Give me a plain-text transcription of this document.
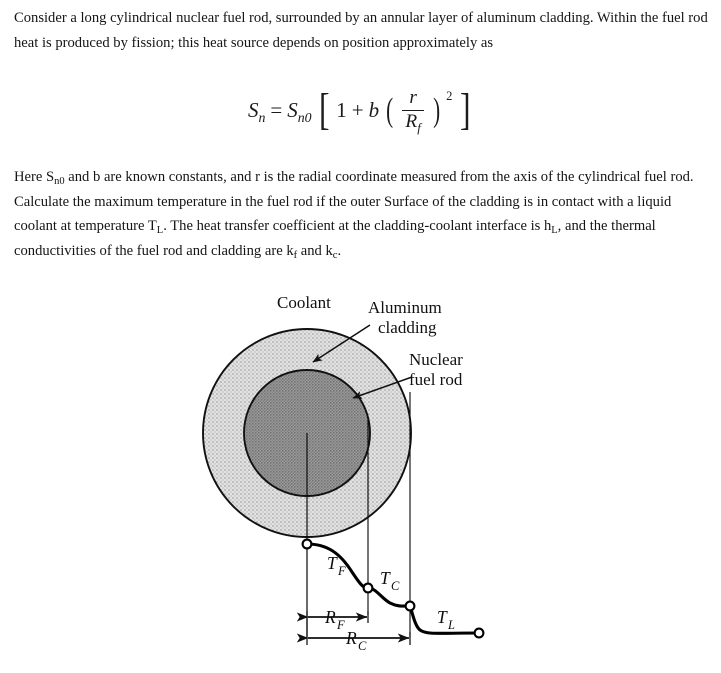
Consider a long cylindrical nuclear fuel rod, surrounded by an annular layer of aluminum cladding. Within the fuel rod heat is produced by fission; this heat source depends on position approximately as

$S_n = S_{n0}$ [ 1 + b ( $\frac{r}{R_f}$ ) 2 ]

Here $S_{n0}$ and b are known constants, and r is the radial coordinate measured from the axis of the cylindrical fuel rod. Calculate the maximum temperature in the fuel rod if the outer Surface of the cladding is in contact with a liquid coolant at temperature $T_L$. The heat transfer coefficient at the cladding-coolant interface is $h_L$, and the thermal conductivities of the fuel rod and cladding are $k_f$ and $k_c$.

Coolant Aluminum
cladding
Nuclear
fuel rod
T F T C
T L
R F
R C
